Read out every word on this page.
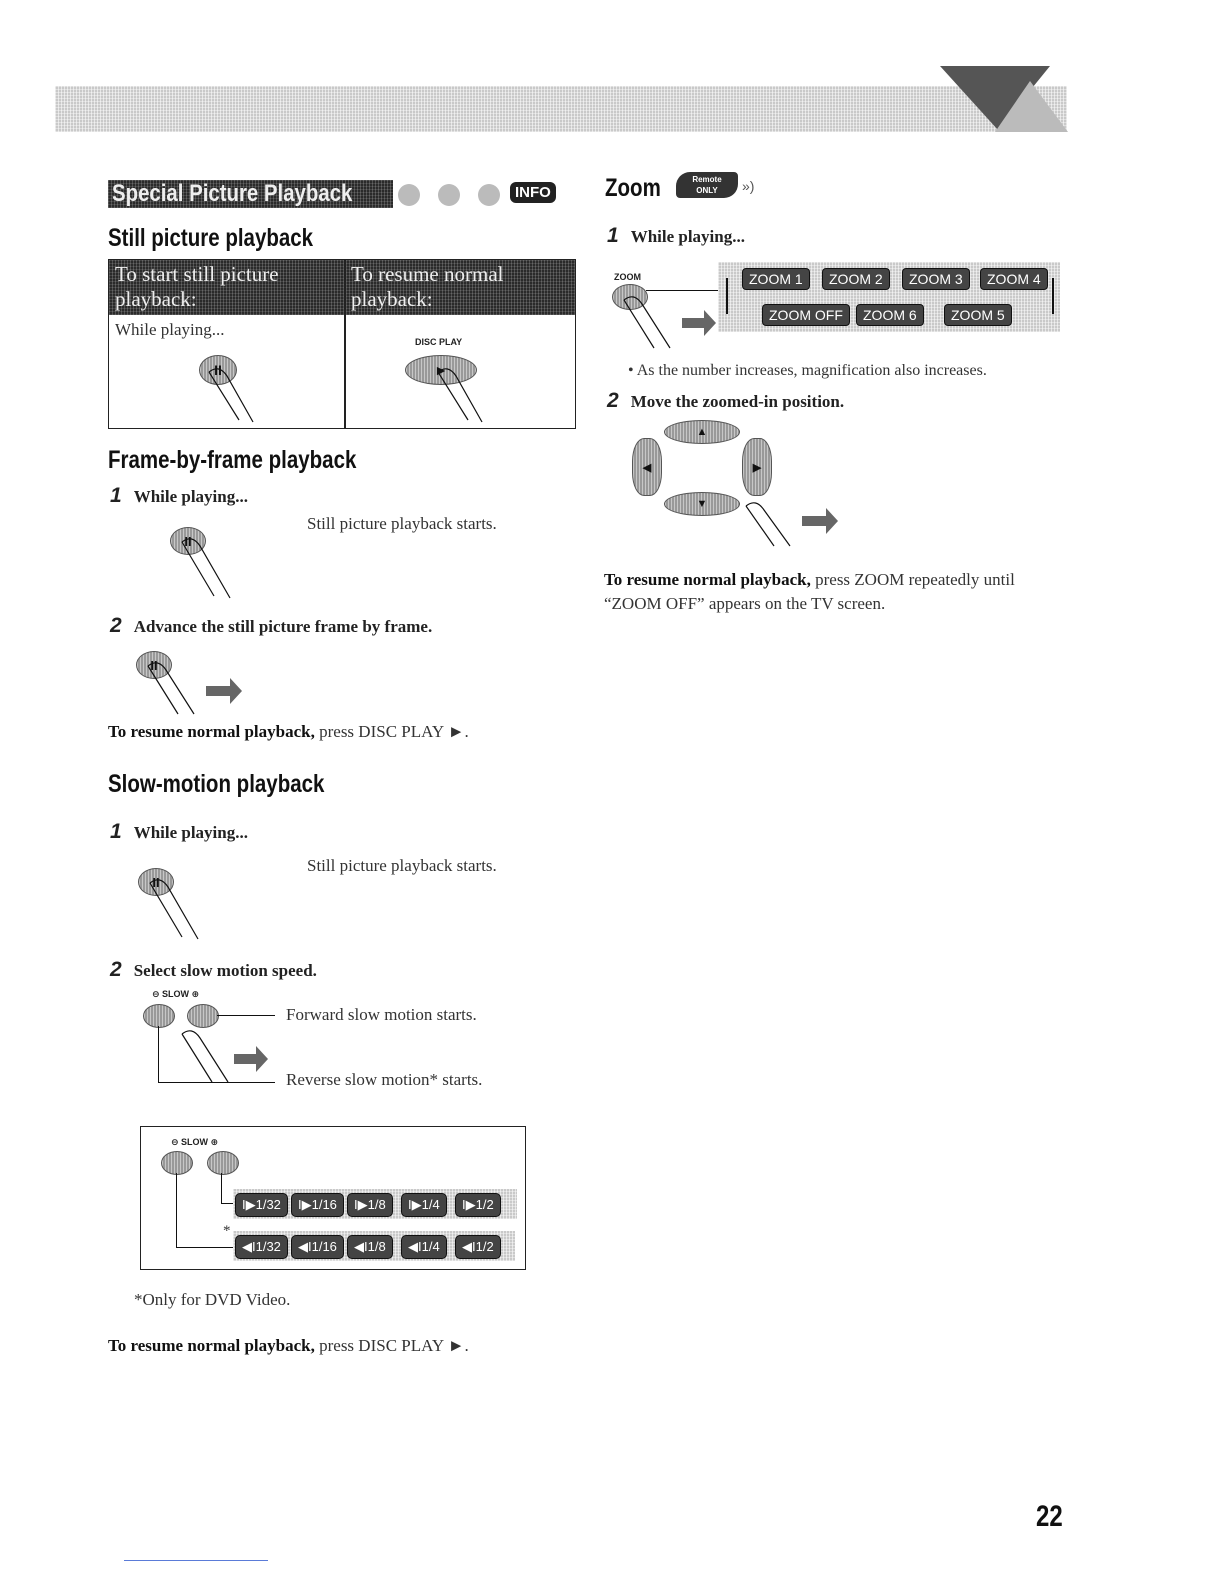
Special Picture Playback	INFO
Still picture playback
To start still picture playback:
To resume normal playback:
While playing...
DISC PLAY
II	►
Frame-by-frame playback
1 While playing...
II
Still picture playback starts.
2 Advance the still picture frame by frame.
II
To resume normal playback, press DISC PLAY ►.
Slow-motion playback
1 While playing...
II
Still picture playback starts.
2 Select slow motion speed.
⊖ SLOW ⊕
Forward slow motion starts.
Reverse slow motion* starts.
⊖ SLOW ⊕
I▶1/32	I▶1/16	I▶1/8	I▶1/4	I▶1/2
*
◀I1/32	◀I1/16	◀I1/8	◀I1/4	◀I1/2
*Only for DVD Video.
To resume normal playback, press DISC PLAY ►.
Zoom	Remote
ONLY	»)
1 While playing...
ZOOM	ZOOM 1	ZOOM 2	ZOOM 3	ZOOM 4
ZOOM OFF	ZOOM 6	ZOOM 5
• As the number increases, magnification also increases.
2 Move the zoomed-in position.
▲
▼
◀	▶
To resume normal playback, press ZOOM repeatedly until “ZOOM OFF” appears on the TV screen.
22
